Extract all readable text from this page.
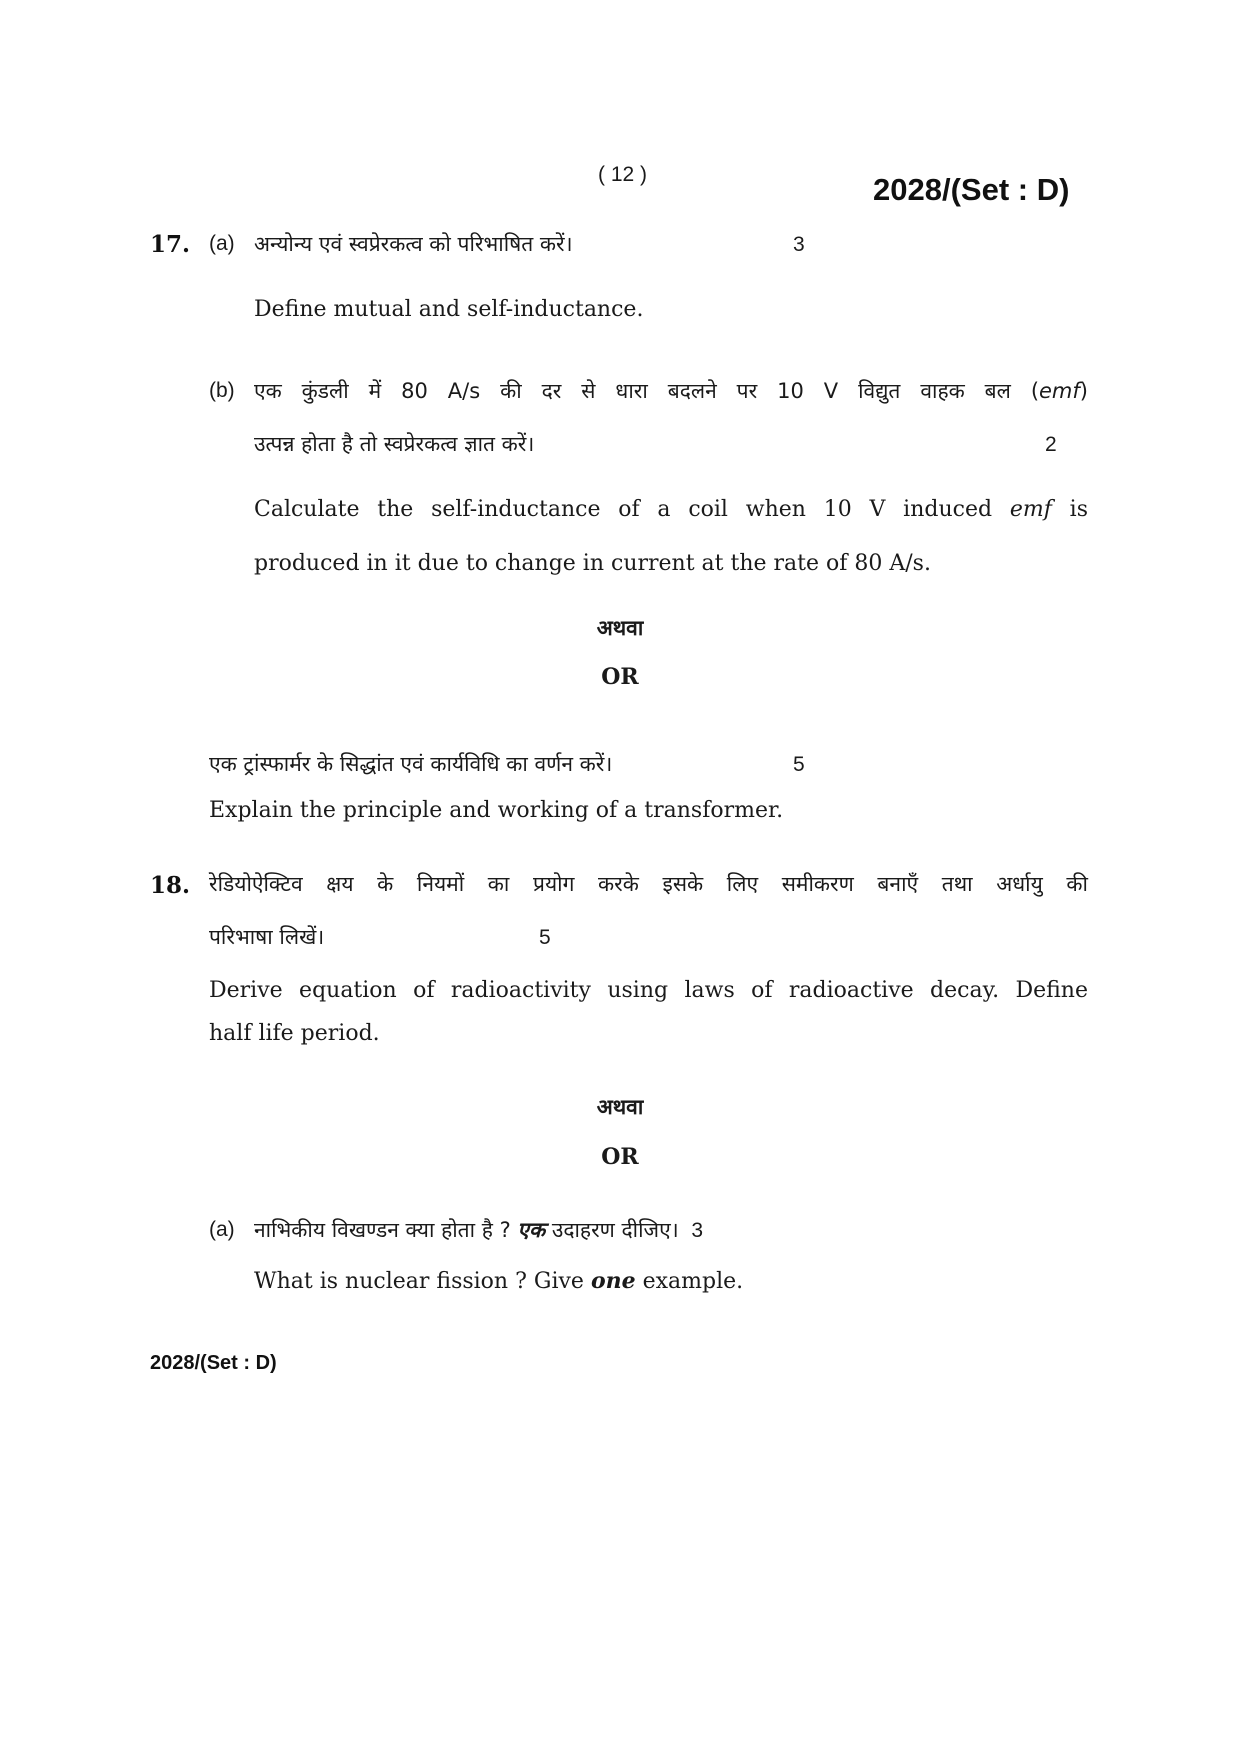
( 12 )	2028/(Set : D)
17. (a) अन्योन्य एवं स्वप्रेरकत्व को परिभाषित करें।	3
Define mutual and self-inductance.
(b) एक कुंडली में 80 A/s की दर से धारा बदलने पर 10 V विद्युत वाहक बल (emf)
उत्पन्न होता है तो स्वप्रेरकत्व ज्ञात करें।	2
Calculate the self-inductance of a coil when 10 V induced emf is
produced in it due to change in current at the rate of 80 A/s.
अथवा
OR
एक ट्रांस्फार्मर के सिद्धांत एवं कार्यविधि का वर्णन करें।	5
Explain the principle and working of a transformer.
18. रेडियोऐक्टिव क्षय के नियमों का प्रयोग करके इसके लिए समीकरण बनाएँ तथा अर्धायु की
परिभाषा लिखें।	5
Derive equation of radioactivity using laws of radioactive decay. Define
half life period.
अथवा
OR
(a) नाभिकीय विखण्डन क्या होता है ? एक उदाहरण दीजिए। 3
What is nuclear fission ? Give one example.
2028/(Set : D)
